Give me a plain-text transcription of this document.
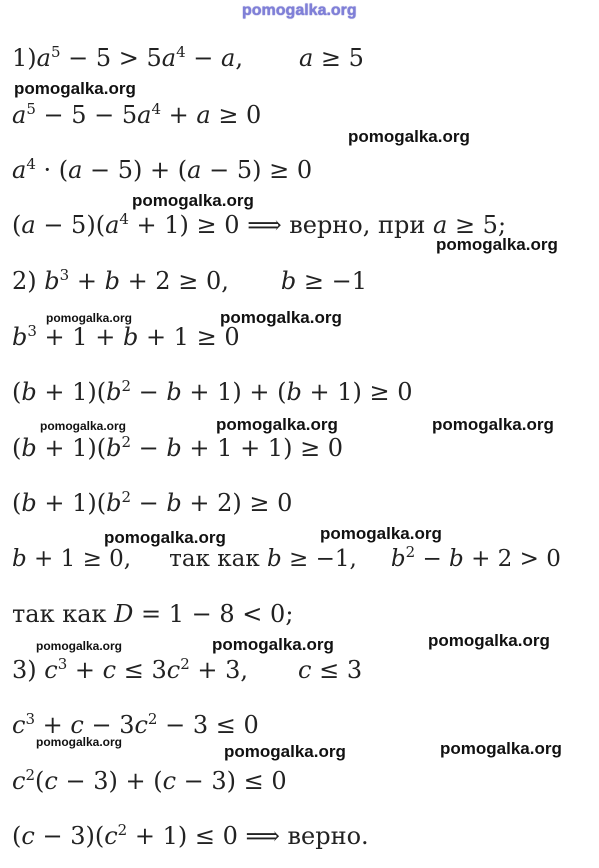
pomogalka.org
$1)a^5 - 5 > 5a^4 - a$, a ≥ 5
$a^5 - 5 - 5a^4 + a \ge 0$
$a^4 \cdot (a - 5) + (a - 5) \ge 0$
$(a - 5)(a^4 + 1) \ge 0$ ⟹ верно, при a ≥ 5;
2) $b^3 + b + 2 \ge 0$, b ≥ −1
$b^3 + 1 + b + 1 \ge 0$
$(b + 1)(b^2 - b + 1) + (b + 1) \ge 0$
$(b + 1)(b^2 - b + 1 + 1) \ge 0$
$(b + 1)(b^2 - b + 2) \ge 0$
b + 1 ≥ 0, так как b ≥ −1, $b^2 - b + 2 > 0$
так как D = 1 − 8 < 0;
3) $c^3 + c \le 3c^2 + 3$, c ≤ 3
$c^3 + c - 3c^2 - 3 \le 0$
$c^2(c - 3) + (c - 3) \le 0$
$(c - 3)(c^2 + 1) \le 0$ ⟹ верно.
pomogalka.org
pomogalka.org
pomogalka.org
pomogalka.org
pomogalka.org	pomogalka.org
pomogalka.org	pomogalka.org	pomogalka.org
pomogalka.org	pomogalka.org
pomogalka.org	pomogalka.org	pomogalka.org
pomogalka.org	pomogalka.org	pomogalka.org
